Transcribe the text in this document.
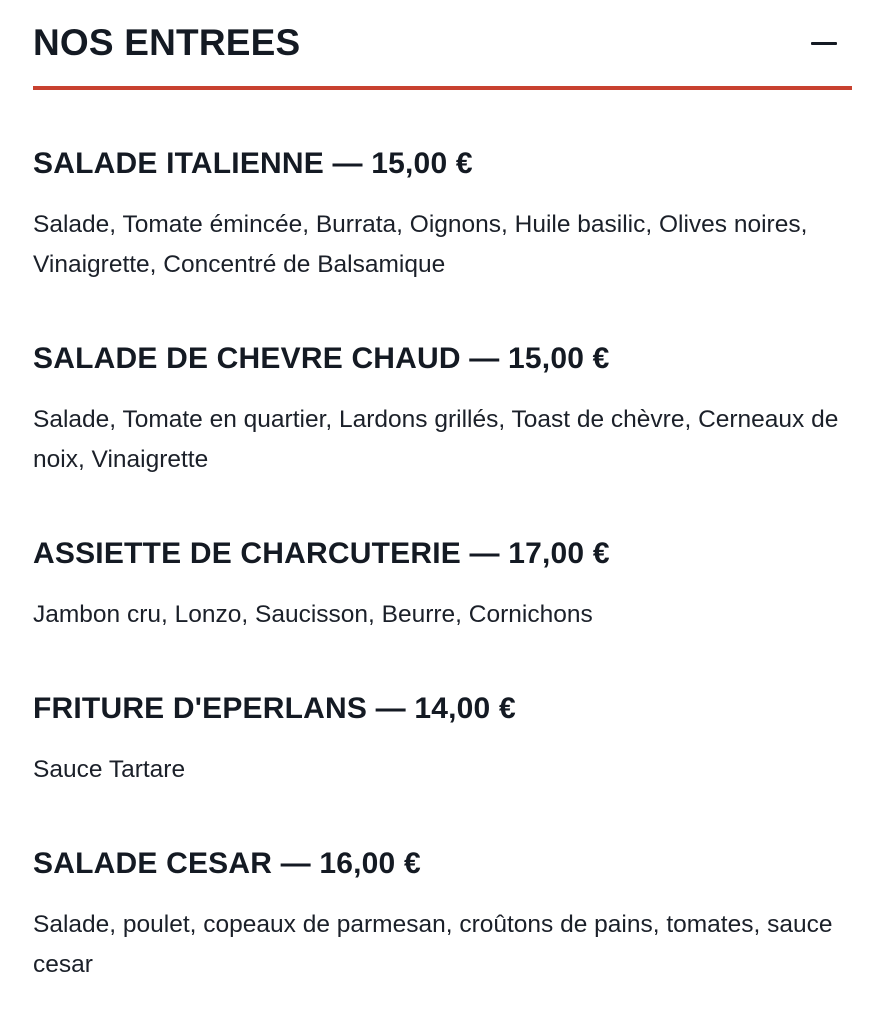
NOS ENTREES
SALADE ITALIENNE — 15,00 €

Salade, Tomate émincée, Burrata, Oignons, Huile basilic, Olives noires, Vinaigrette, Concentré de Balsamique

SALADE DE CHEVRE CHAUD — 15,00 €

Salade, Tomate en quartier, Lardons grillés, Toast de chèvre, Cerneaux de noix, Vinaigrette

ASSIETTE DE CHARCUTERIE — 17,00 €

Jambon cru, Lonzo, Saucisson, Beurre, Cornichons

FRITURE D'EPERLANS — 14,00 €

Sauce Tartare

SALADE CESAR — 16,00 €

Salade, poulet, copeaux de parmesan, croûtons de pains, tomates, sauce cesar
